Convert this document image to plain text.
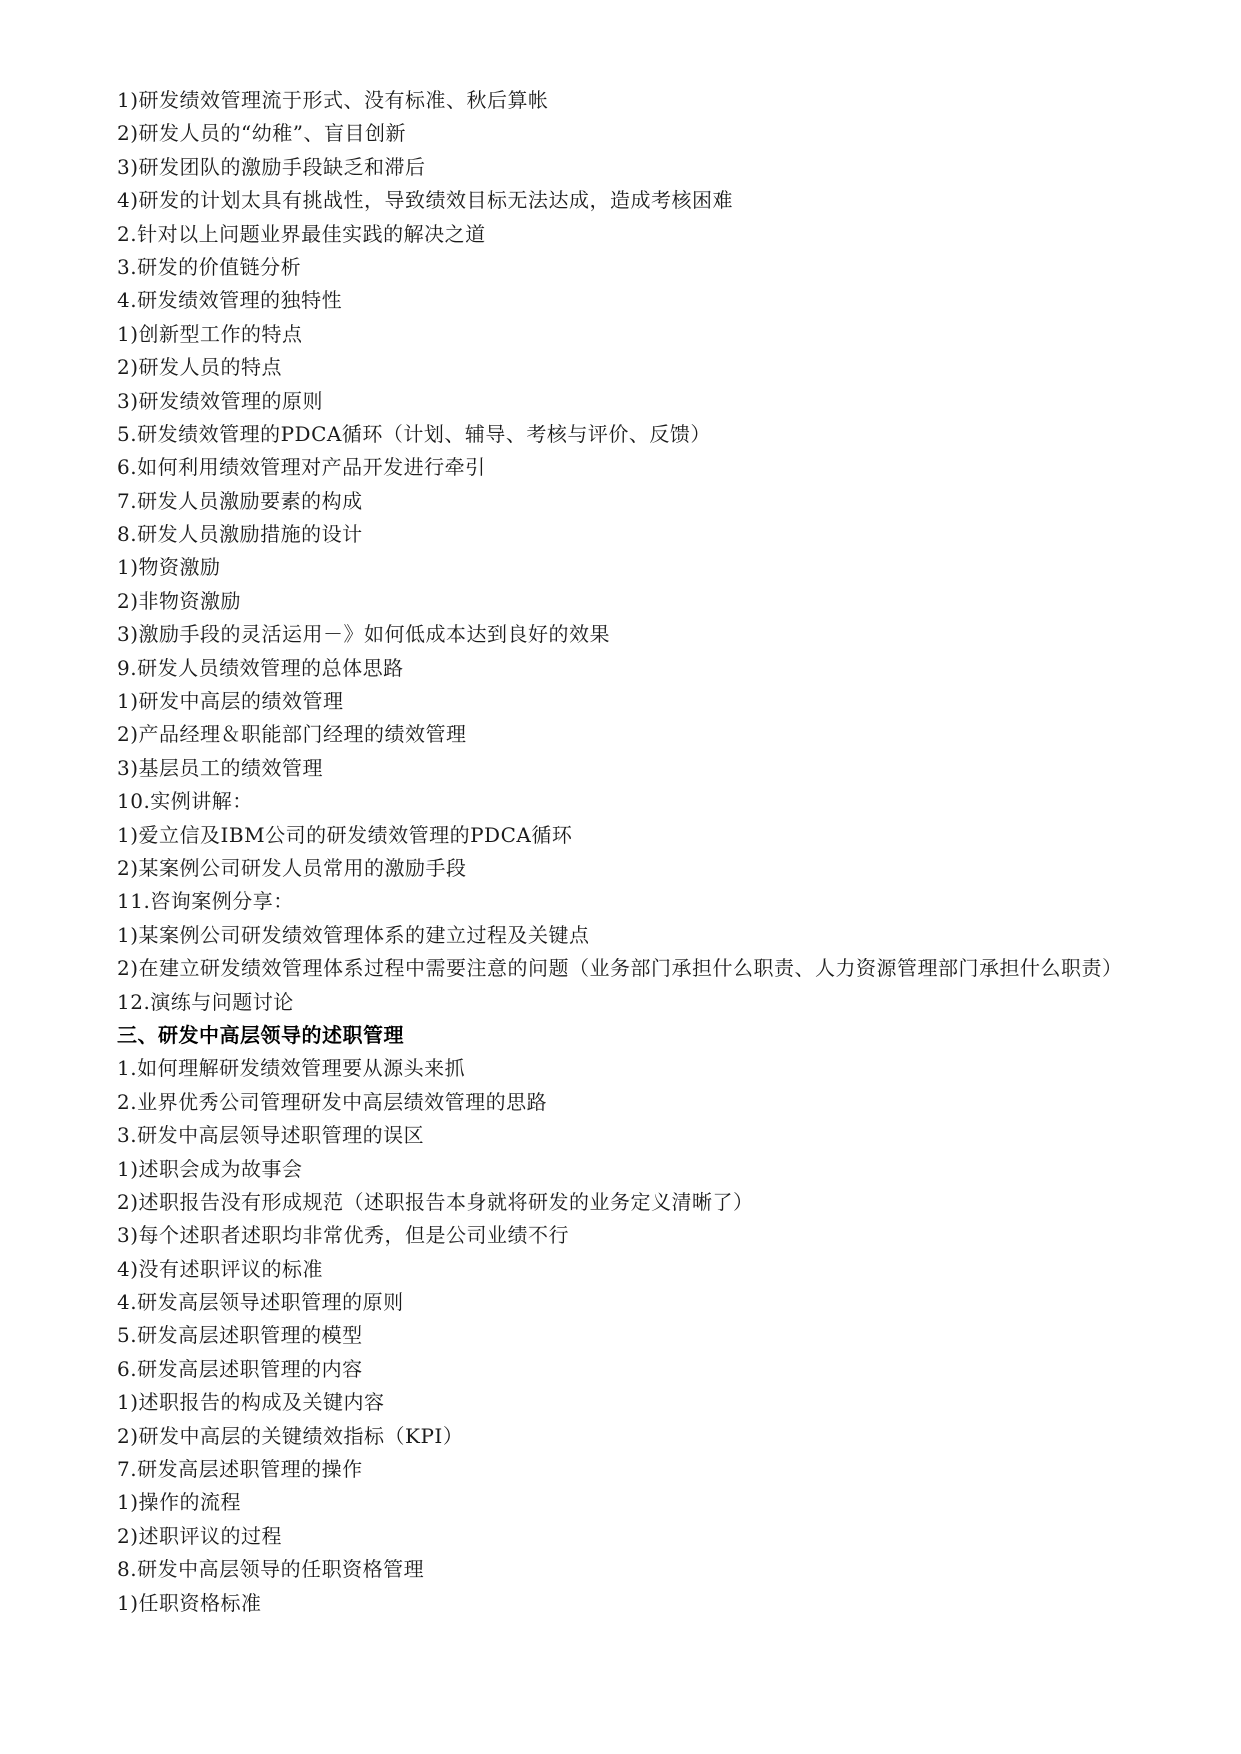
1)研发绩效管理流于形式、没有标准、秋后算帐
2)研发人员的“幼稚”、盲目创新
3)研发团队的激励手段缺乏和滞后
4)研发的计划太具有挑战性，导致绩效目标无法达成，造成考核困难
2.针对以上问题业界最佳实践的解决之道
3.研发的价值链分析
4.研发绩效管理的独特性
1)创新型工作的特点
2)研发人员的特点
3)研发绩效管理的原则
5.研发绩效管理的PDCA循环（计划、辅导、考核与评价、反馈）
6.如何利用绩效管理对产品开发进行牵引
7.研发人员激励要素的构成
8.研发人员激励措施的设计
1)物资激励
2)非物资激励
3)激励手段的灵活运用－》如何低成本达到良好的效果
9.研发人员绩效管理的总体思路
1)研发中高层的绩效管理
2)产品经理＆职能部门经理的绩效管理
3)基层员工的绩效管理
10.实例讲解：
1)爱立信及IBM公司的研发绩效管理的PDCA循环
2)某案例公司研发人员常用的激励手段
11.咨询案例分享：
1)某案例公司研发绩效管理体系的建立过程及关键点
2)在建立研发绩效管理体系过程中需要注意的问题（业务部门承担什么职责、人力资源管理部门承担什么职责）
12.演练与问题讨论
三、研发中高层领导的述职管理
1.如何理解研发绩效管理要从源头来抓
2.业界优秀公司管理研发中高层绩效管理的思路
3.研发中高层领导述职管理的误区
1)述职会成为故事会
2)述职报告没有形成规范（述职报告本身就将研发的业务定义清晰了）
3)每个述职者述职均非常优秀，但是公司业绩不行
4)没有述职评议的标准
4.研发高层领导述职管理的原则
5.研发高层述职管理的模型
6.研发高层述职管理的内容
1)述职报告的构成及关键内容
2)研发中高层的关键绩效指标（KPI）
7.研发高层述职管理的操作
1)操作的流程
2)述职评议的过程
8.研发中高层领导的任职资格管理
1)任职资格标准
